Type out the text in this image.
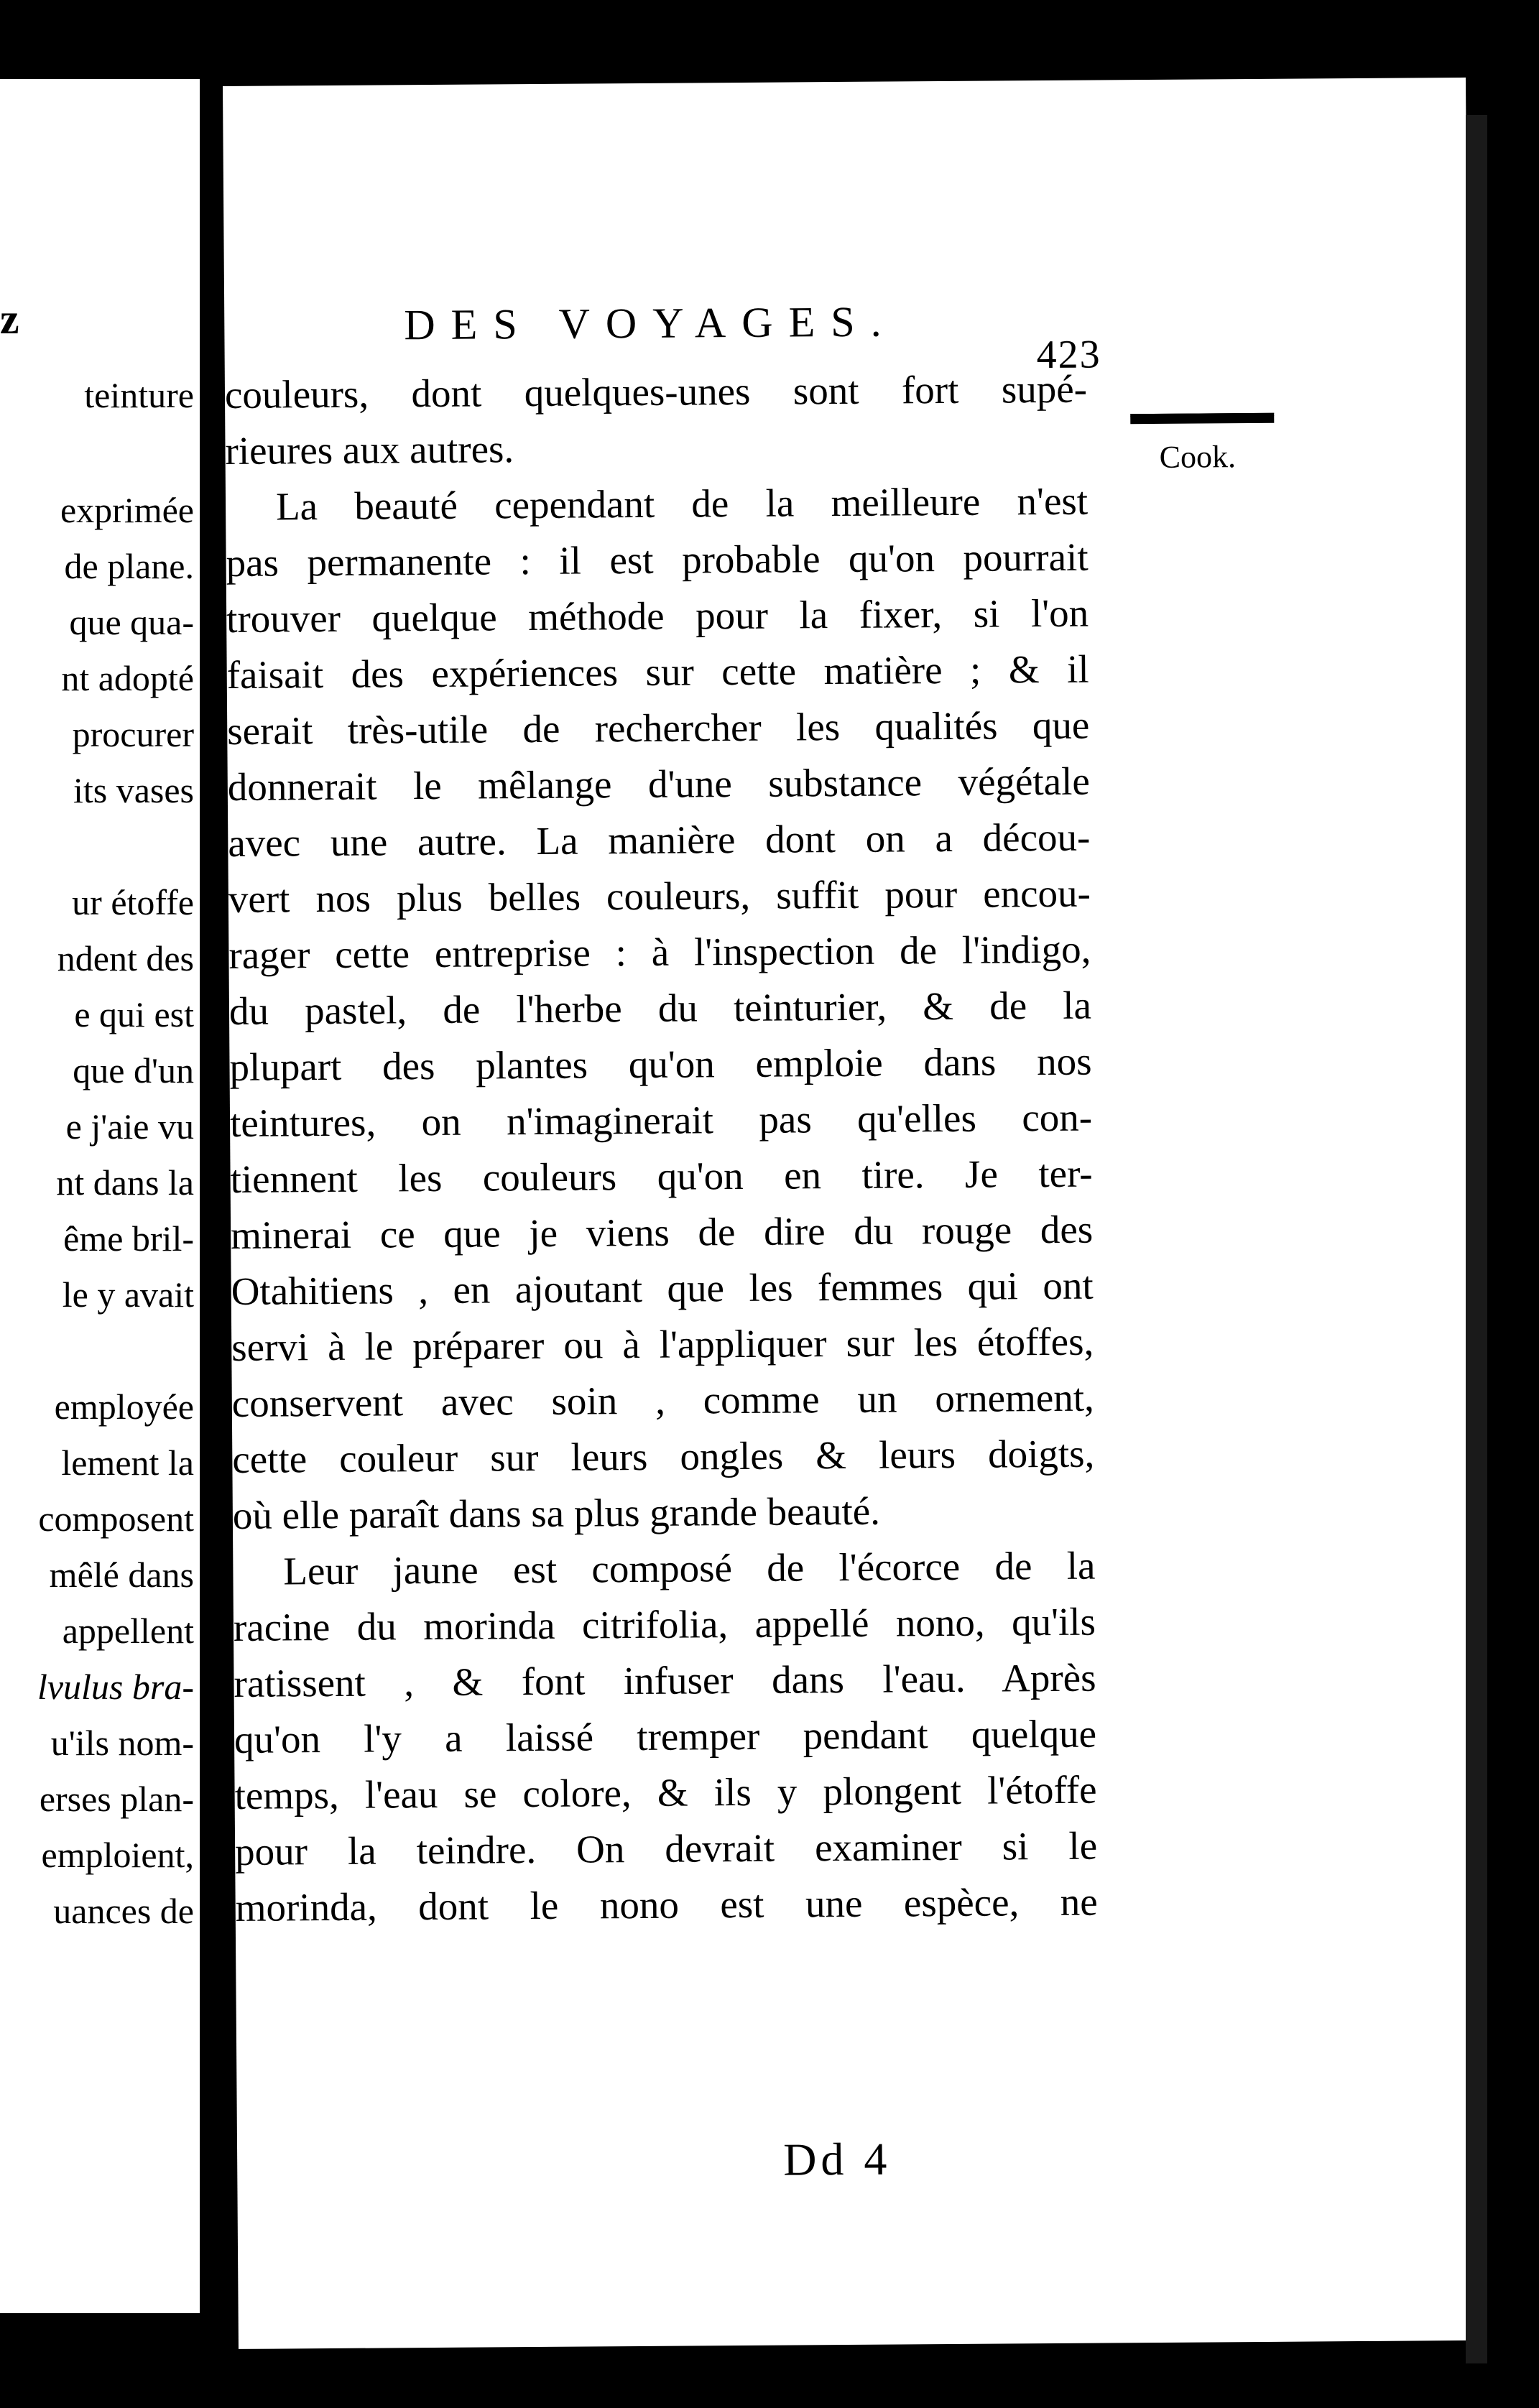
z
teinture
exprimée
de plane.
que qua-
nt adopté
procurer
its vases
ur étoffe
ndent des
e qui est
que d'un
e j'aie vu
nt dans la
ême bril-
le y avait
employée
lement la
composent
mêlé dans
appellent
lvulus bra-
u'ils nom-
erses plan-
emploient,
uances de
DES VOYAGES.
423
Cook.
couleurs, dont quelques-unes sont fort supé-
rieures aux autres.
La beauté cependant de la meilleure n'est
pas permanente : il est probable qu'on pourrait
trouver quelque méthode pour la fixer, si l'on
faisait des expériences sur cette matière ; & il
serait très-utile de rechercher les qualités que
donnerait le mêlange d'une substance végétale
avec une autre. La manière dont on a décou-
vert nos plus belles couleurs, suffit pour encou-
rager cette entreprise : à l'inspection de l'indigo,
du pastel, de l'herbe du teinturier, & de la
plupart des plantes qu'on emploie dans nos
teintures, on n'imaginerait pas qu'elles con-
tiennent les couleurs qu'on en tire. Je ter-
minerai ce que je viens de dire du rouge des
Otahitiens , en ajoutant que les femmes qui ont
servi à le préparer ou à l'appliquer sur les étoffes,
conservent avec soin , comme un ornement,
cette couleur sur leurs ongles & leurs doigts,
où elle paraît dans sa plus grande beauté.
Leur jaune est composé de l'écorce de la
racine du morinda citrifolia, appellé nono, qu'ils
ratissent , & font infuser dans l'eau. Après
qu'on l'y a laissé tremper pendant quelque
temps, l'eau se colore, & ils y plongent l'étoffe
pour la teindre. On devrait examiner si le
morinda, dont le nono est une espèce, ne
Dd 4
